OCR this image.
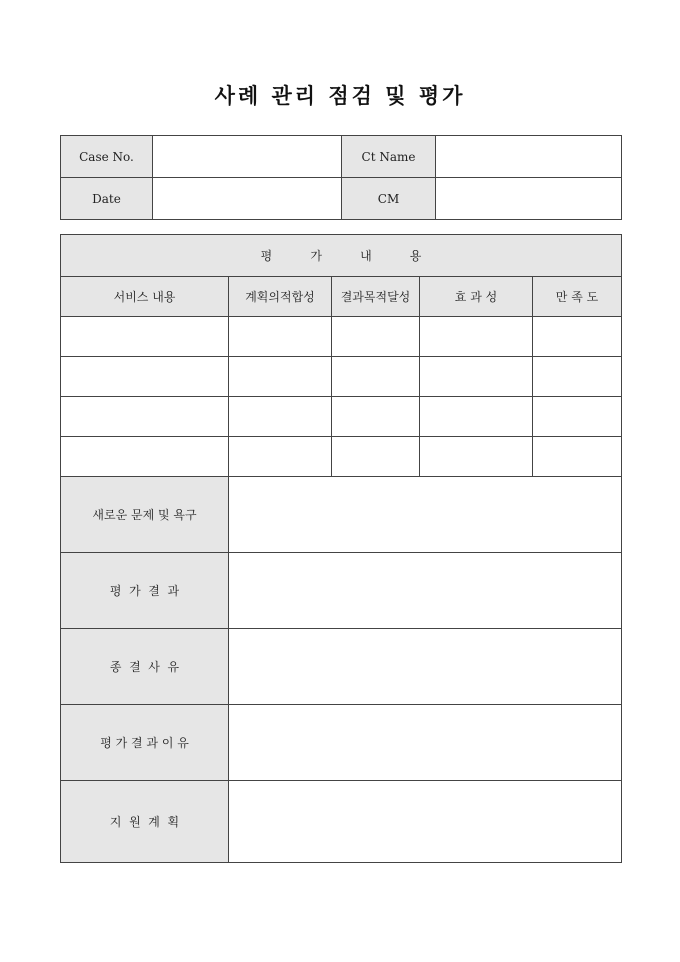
사례 관리 점검 및 평가
Case No.		Ct Name	
Date		CM	
평          가          내          용				
서비스 내용	계획의적합성	결과목적달성	효 과 성	만 족 도

새로운 문제 및 욕구				
평  가  결  과				
종  결  사  유				
평 가 결 과 이 유				
지  원  계  획				
